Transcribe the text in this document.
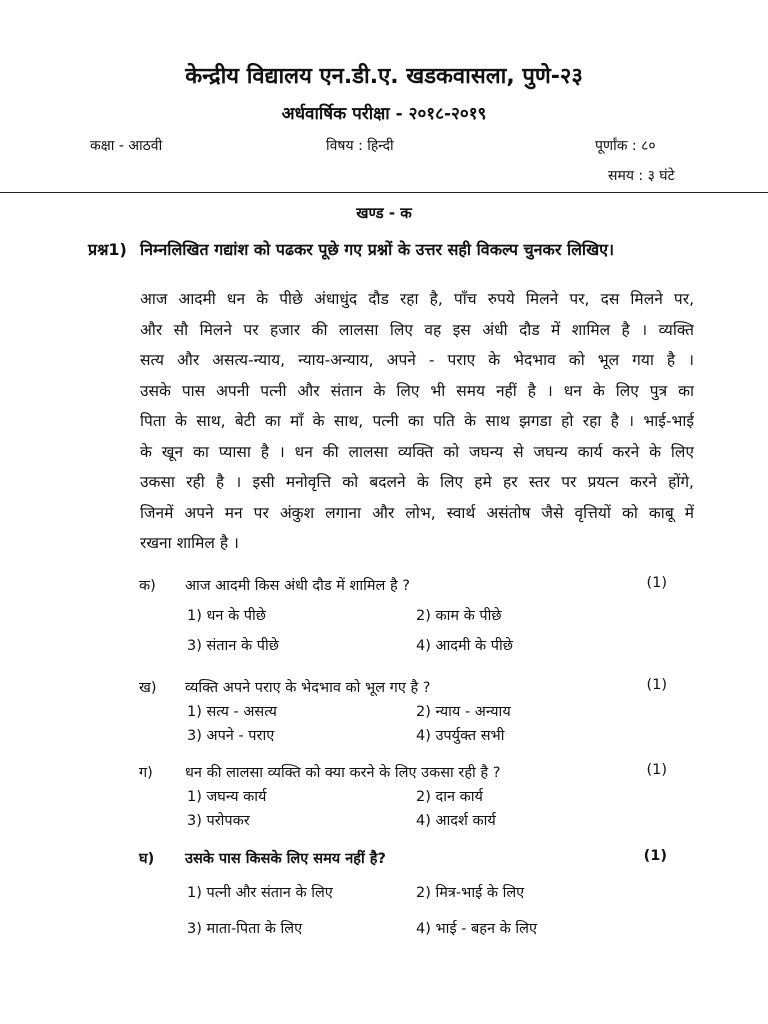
केन्द्रीय विद्यालय एन.डी.ए. खडकवासला, पुणे-२३
अर्धवार्षिक परीक्षा - २०१८-२०१९
कक्षा - आठवी	विषय : हिन्दी	पूर्णांक : ८०
समय : ३ घंटे
खण्ड - क
प्रश्न1) निम्नलिखित गद्यांश को पढकर पूछे गए प्रश्नों के उत्तर सही विकल्प चुनकर लिखिए।
आज आदमी धन के पीछे अंधाधुंद दौड रहा है, पाँच रुपये मिलने पर, दस मिलने पर,
और सौ मिलने पर हजार की लालसा लिए वह इस अंधी दौड में शामिल है । व्यक्ति
सत्य और असत्य-न्याय, न्याय-अन्याय, अपने - पराए के भेदभाव को भूल गया है ।
उसके पास अपनी पत्नी और संतान के लिए भी समय नहीं है । धन के लिए पुत्र का
पिता के साथ, बेटी का माँ के साथ, पत्नी का पति के साथ झगडा हो रहा है । भाई-भाई
के खून का प्यासा है । धन की लालसा व्यक्ति को जघन्य से जघन्य कार्य करने के लिए
उकसा रही है । इसी मनोवृत्ति को बदलने के लिए हमे हर स्तर पर प्रयत्न करने होंगे,
जिनमें अपने मन पर अंकुश लगाना और लोभ, स्वार्थ असंतोष जैसे वृत्तियों को काबू में
रखना शामिल है ।
क) आज आदमी किस अंधी दौड में शामिल है ?	(1)
1) धन के पीछे	2) काम के पीछे
3) संतान के पीछे	4) आदमी के पीछे
ख) व्यक्ति अपने पराए के भेदभाव को भूल गए है ?	(1)
1) सत्य - असत्य	2) न्याय - अन्याय
3) अपने - पराए	4) उपर्युक्त सभी
ग) धन की लालसा व्यक्ति को क्या करने के लिए उकसा रही है ?	(1)
1) जघन्य कार्य	2) दान कार्य
3) परोपकर	4) आदर्श कार्य
घ) उसके पास किसके लिए समय नहीं है?	(1)
1) पत्नी और संतान के लिए	2) मित्र-भाई के लिए
3) माता-पिता के लिए	4) भाई - बहन के लिए
